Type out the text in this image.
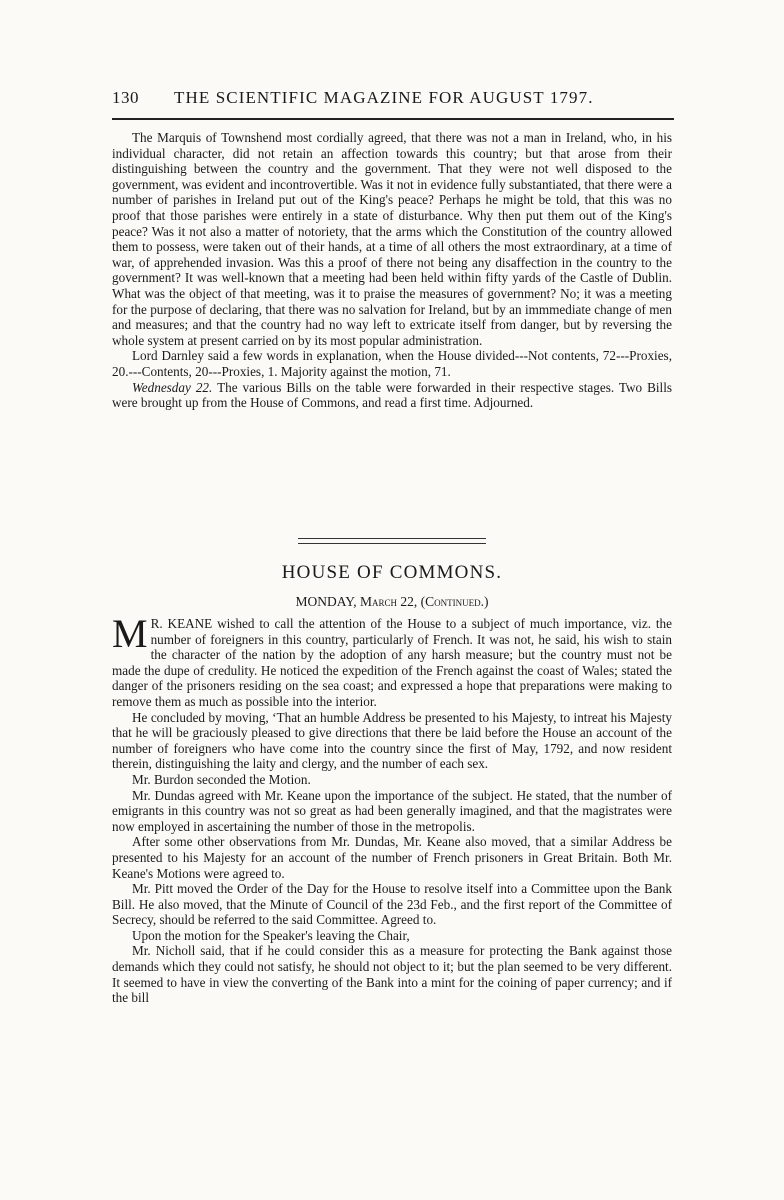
130 THE SCIENTIFIC MAGAZINE FOR AUGUST 1797.

The Marquis of Townshend most cordially agreed, that there was not a man in Ireland, who, in his individual character, did not retain an affection towards this country; but that arose from their distinguishing between the country and the government. That they were not well disposed to the government, was evident and incontrovertible. Was it not in evidence fully substantiated, that there were a number of parishes in Ireland put out of the King's peace? Perhaps he might be told, that this was no proof that those parishes were entirely in a state of disturbance. Why then put them out of the King's peace? Was it not also a matter of notoriety, that the arms which the Constitution of the country allowed them to possess, were taken out of their hands, at a time of all others the most extraordinary, at a time of war, of apprehended invasion. Was this a proof of there not being any disaffection in the country to the government? It was well-known that a meeting had been held within fifty yards of the Castle of Dublin. What was the object of that meeting, was it to praise the measures of government? No; it was a meeting for the purpose of declaring, that there was no salvation for Ireland, but by an immmediate change of men and measures; and that the country had no way left to extricate itself from danger, but by reversing the whole system at present carried on by its most popular administration.

Lord Darnley said a few words in explanation, when the House divided---Not contents, 72---Proxies, 20.---Contents, 20---Proxies, 1. Majority against the motion, 71.

Wednesday 22. The various Bills on the table were forwarded in their respective stages. Two Bills were brought up from the House of Commons, and read a first time. Adjourned.

HOUSE OF COMMONS.
MONDAY, March 22, (Continued.)

M R. KEANE wished to call the attention of the House to a subject of much importance, viz. the number of foreigners in this country, particularly of French. It was not, he said, his wish to stain the character of the nation by the adoption of any harsh measure; but the country must not be made the dupe of credulity. He noticed the expedition of the French against the coast of Wales; stated the danger of the prisoners residing on the sea coast; and expressed a hope that preparations were making to remove them as much as possible into the interior.

He concluded by moving, ‘That an humble Address be presented to his Majesty, to intreat his Majesty that he will be graciously pleased to give directions that there be laid before the House an account of the number of foreigners who have come into the country since the first of May, 1792, and now resident therein, distinguishing the laity and clergy, and the number of each sex.

Mr. Burdon seconded the Motion.

Mr. Dundas agreed with Mr. Keane upon the importance of the subject. He stated, that the number of emigrants in this country was not so great as had been generally imagined, and that the magistrates were now employed in ascertaining the number of those in the metropolis.

After some other observations from Mr. Dundas, Mr. Keane also moved, that a similar Address be presented to his Majesty for an account of the number of French prisoners in Great Britain. Both Mr. Keane's Motions were agreed to.

Mr. Pitt moved the Order of the Day for the House to resolve itself into a Committee upon the Bank Bill. He also moved, that the Minute of Council of the 23d Feb., and the first report of the Committee of Secrecy, should be referred to the said Committee. Agreed to.

Upon the motion for the Speaker's leaving the Chair,

Mr. Nicholl said, that if he could consider this as a measure for protecting the Bank against those demands which they could not satisfy, he should not object to it; but the plan seemed to be very different. It seemed to have in view the converting of the Bank into a mint for the coining of paper currency; and if the bill
